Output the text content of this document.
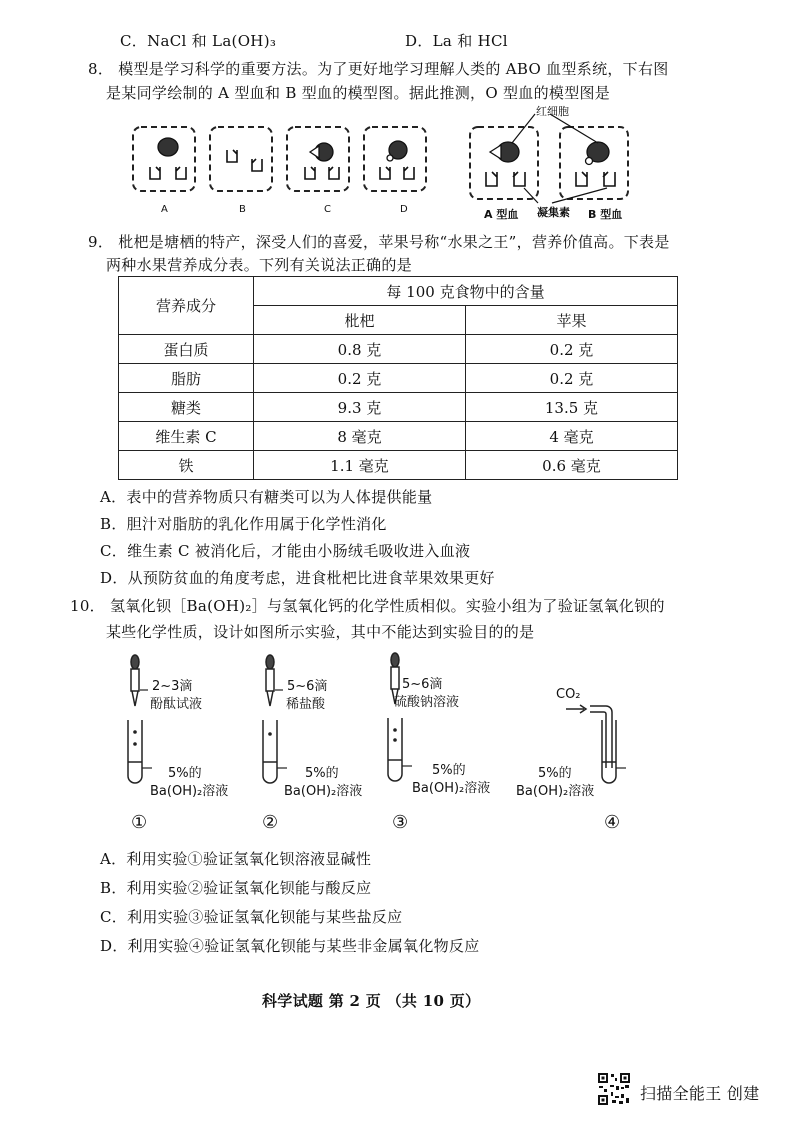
C．NaCl 和 La(OH)₃	D．La 和 HCl
8． 模型是学习科学的重要方法。为了更好地学习理解人类的 ABO 血型系统，下右图
是某同学绘制的 A 型血和 B 型血的模型图。据此推测，O 型血的模型图是
A	B	C	D
红细胞
凝集素
A 型血	B 型血
9． 枇杷是塘栖的特产，深受人们的喜爱，苹果号称“水果之王”，营养价值高。下表是
两种水果营养成分表。下列有关说法正确的是
营养成分	每 100 克食物中的含量	
	枇杷	苹果
蛋白质	0.8 克	0.2 克
脂肪	0.2 克	0.2 克
糖类	9.3 克	13.5 克
维生素 C	8 毫克	4 毫克
铁	1.1 毫克	0.6 毫克
A．表中的营养物质只有糖类可以为人体提供能量
B．胆汁对脂肪的乳化作用属于化学性消化
C．维生素 C 被消化后，才能由小肠绒毛吸收进入血液
D．从预防贫血的角度考虑，进食枇杷比进食苹果效果更好
10． 氢氧化钡［Ba(OH)₂］与氢氧化钙的化学性质相似。实验小组为了验证氢氧化钡的
某些化学性质，设计如图所示实验，其中不能达到实验目的的是
2~3滴
酚酞试液
5%的
Ba(OH)₂溶液
①
5~6滴
稀盐酸
5%的
Ba(OH)₂溶液
②
5~6滴
硫酸钠溶液
5%的
Ba(OH)₂溶液
③
CO₂
5%的
Ba(OH)₂溶液
④
A．利用实验①验证氢氧化钡溶液显碱性
B．利用实验②验证氢氧化钡能与酸反应
C．利用实验③验证氢氧化钡能与某些盐反应
D．利用实验④验证氢氧化钡能与某些非金属氧化物反应
科学试题 第 2 页 （共 10 页）
扫描全能王 创建
